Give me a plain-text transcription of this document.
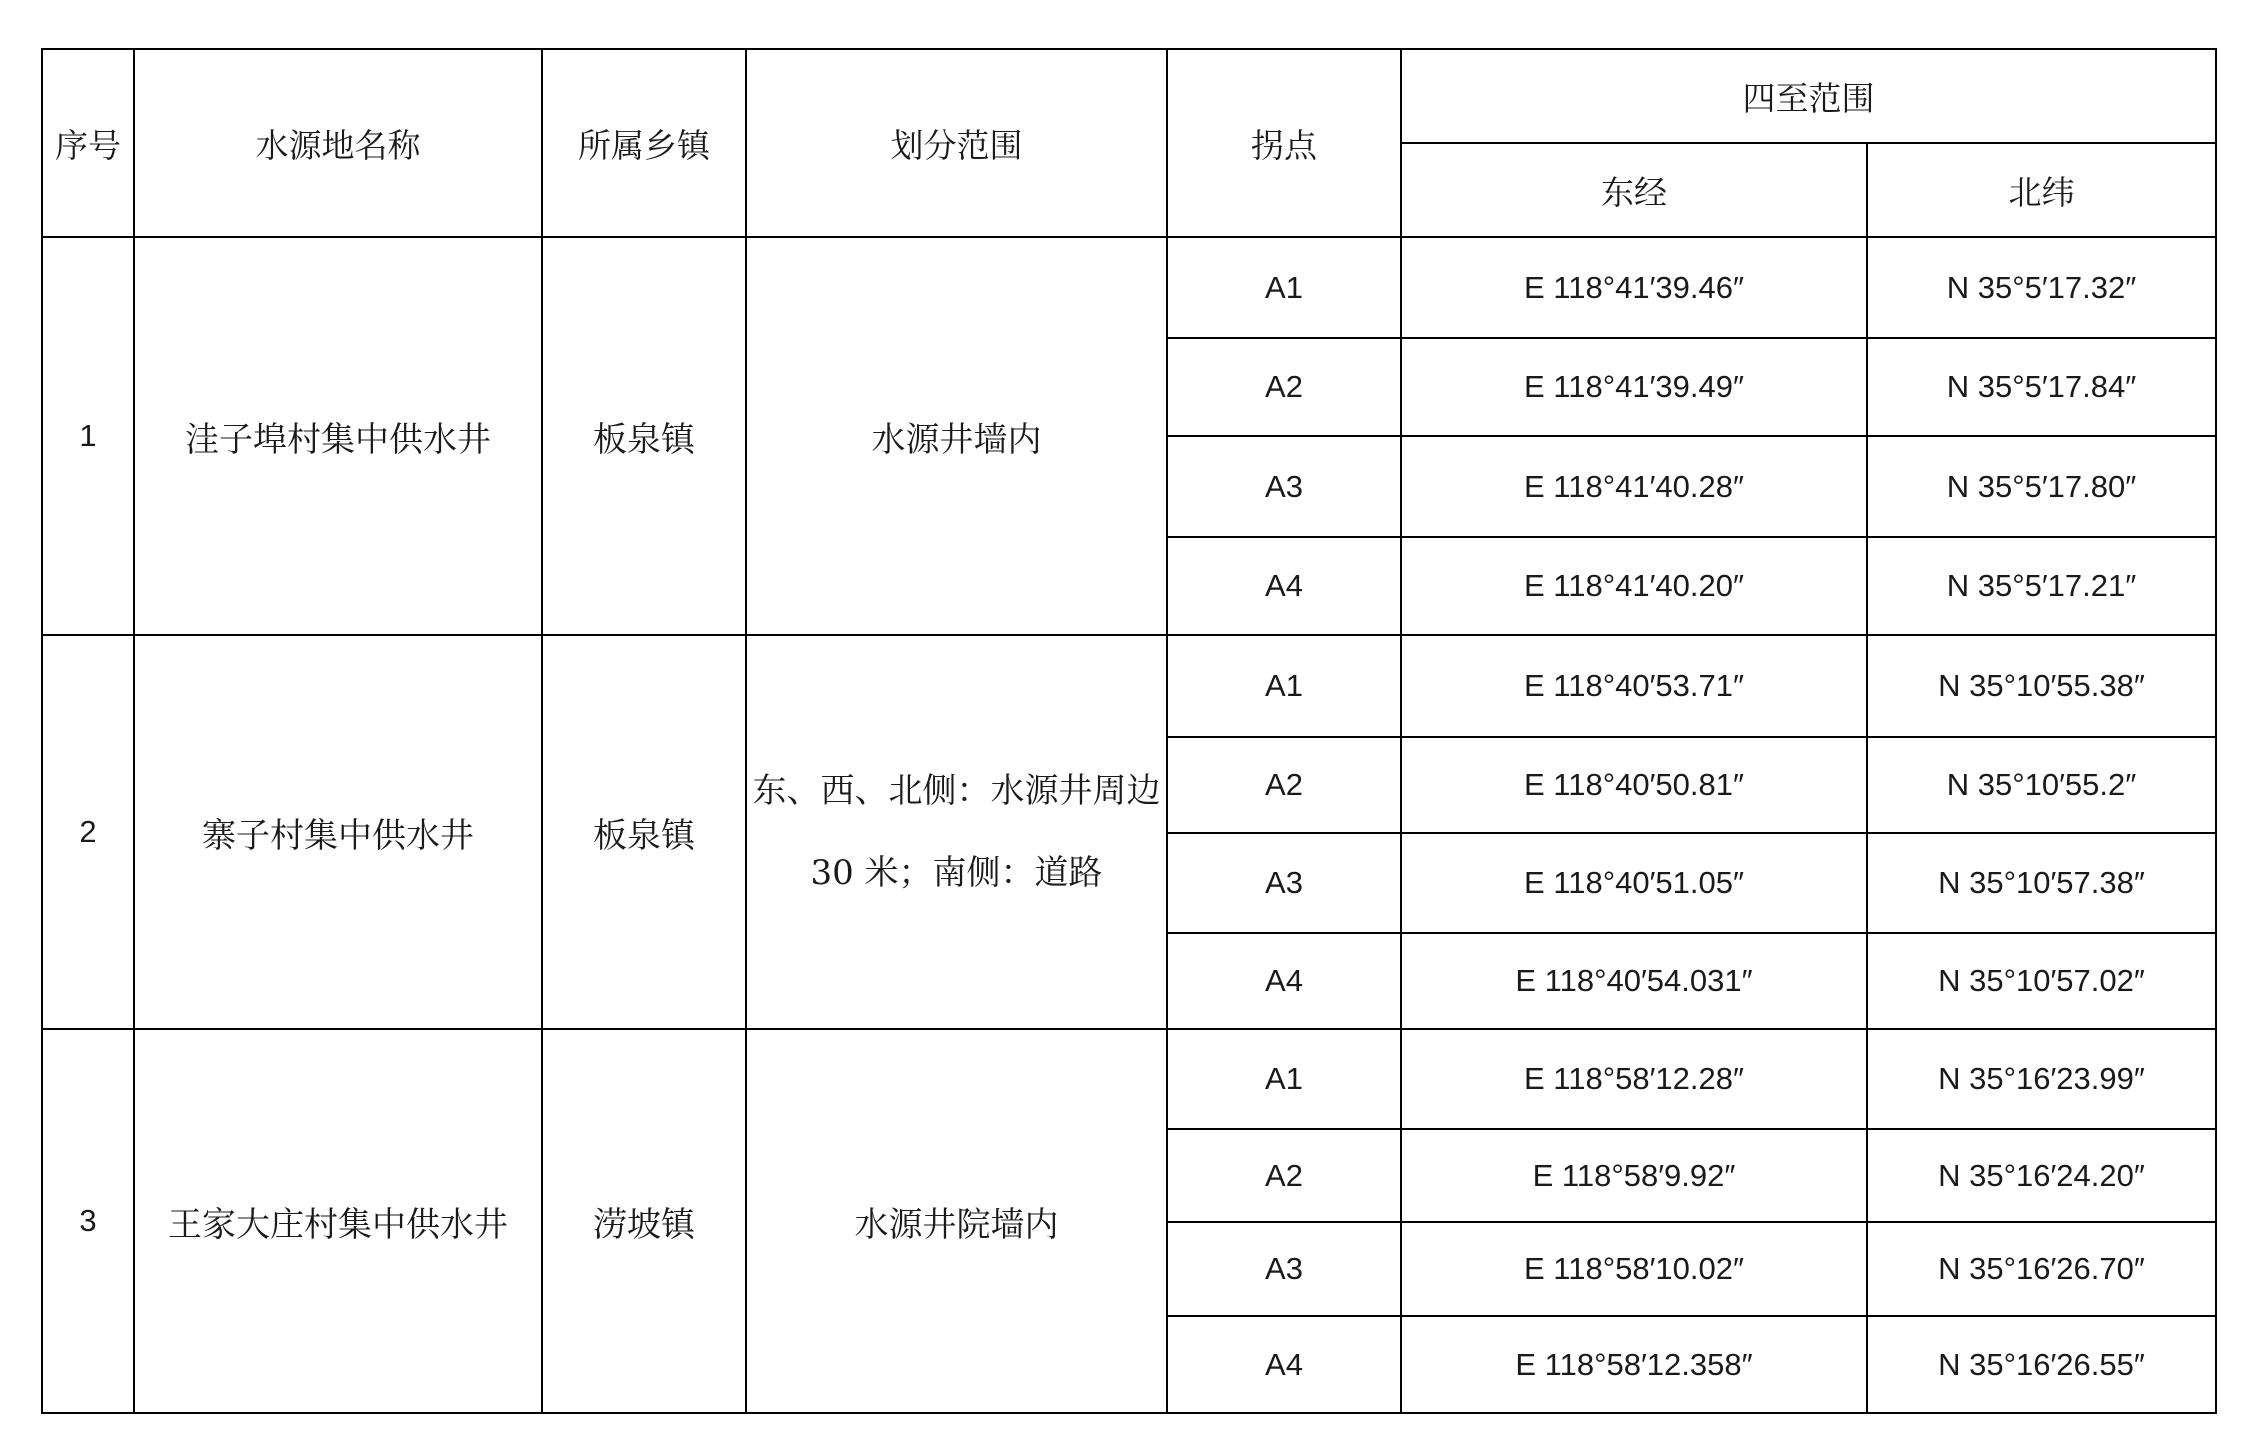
序号	水源地名称	所属乡镇	划分范围	拐点	四至范围	
					东经	北纬
1	洼子埠村集中供水井	板泉镇	水源井墙内	A1	E 118°41′39.46″	N 35°5′17.32″
				A2	E 118°41′39.49″	N 35°5′17.84″
				A3	E 118°41′40.28″	N 35°5′17.80″
				A4	E 118°41′40.20″	N 35°5′17.21″
2	寨子村集中供水井	板泉镇	东、西、北侧：水源井周边 30 米；南侧：道路	A1	E 118°40′53.71″	N 35°10′55.38″
				A2	E 118°40′50.81″	N 35°10′55.2″
				A3	E 118°40′51.05″	N 35°10′57.38″
				A4	E 118°40′54.031″	N 35°10′57.02″
3	王家大庄村集中供水井	涝坡镇	水源井院墙内	A1	E 118°58′12.28″	N 35°16′23.99″
				A2	E 118°58′9.92″	N 35°16′24.20″
				A3	E 118°58′10.02″	N 35°16′26.70″
				A4	E 118°58′12.358″	N 35°16′26.55″
